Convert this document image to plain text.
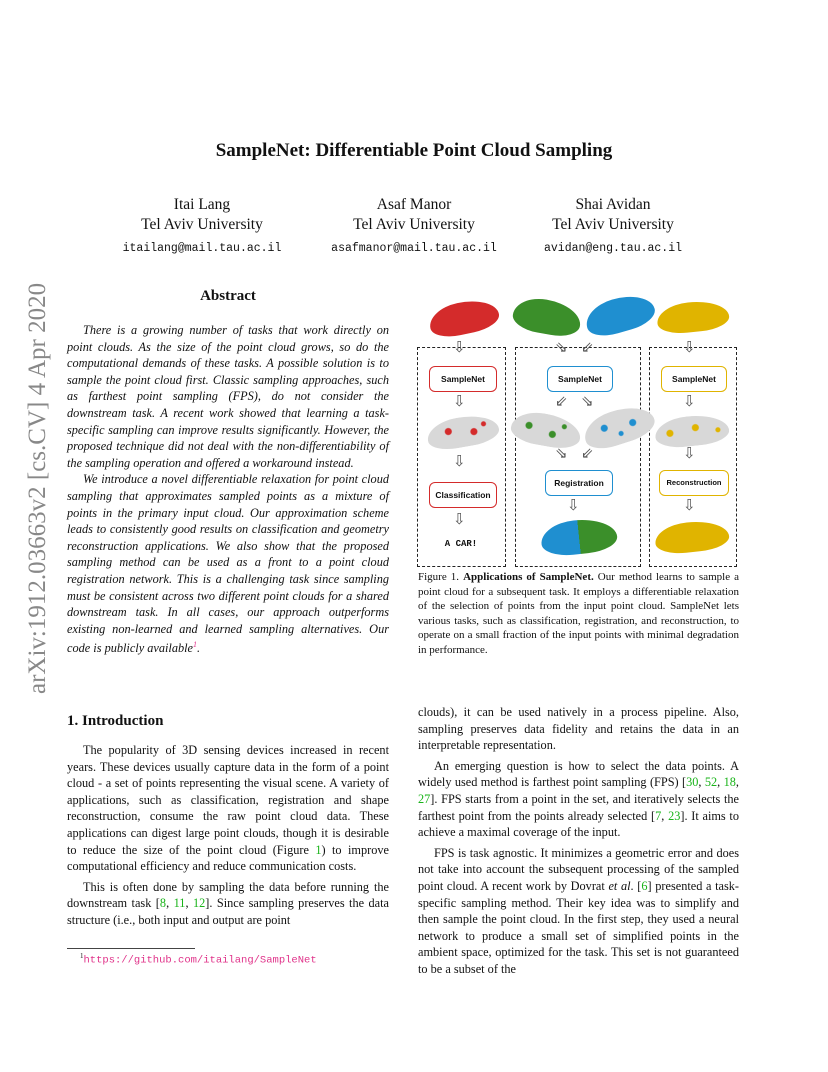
SampleNet: Differentiable Point Cloud Sampling
Itai Lang
Tel Aviv University
itailang@mail.tau.ac.il
Asaf Manor
Tel Aviv University
asafmanor@mail.tau.ac.il
Shai Avidan
Tel Aviv University
avidan@eng.tau.ac.il
arXiv:1912.03663v2 [cs.CV] 4 Apr 2020	Abstract

There is a growing number of tasks that work directly on point clouds. As the size of the point cloud grows, so do the computational demands of these tasks. A possible solution is to sample the point cloud first. Classic sampling approaches, such as farthest point sampling (FPS), do not consider the downstream task. A recent work showed that learning a task-specific sampling can improve results significantly. However, the proposed technique did not deal with the non-differentiability of the sampling operation and offered a workaround instead.

We introduce a novel differentiable relaxation for point cloud sampling that approximates sampled points as a mixture of points in the primary input cloud. Our approximation scheme leads to consistently good results on classification and geometry reconstruction applications. We also show that the proposed sampling method can be used as a front to a point cloud registration network. This is a challenging task since sampling must be consistent across two different point clouds for a shared downstream task. In all cases, our approach outperforms existing non-learned and learned sampling alternatives. Our code is publicly available$^1$.

1. Introduction

The popularity of 3D sensing devices increased in recent years. These devices usually capture data in the form of a point cloud - a set of points representing the visual scene. A variety of applications, such as classification, registration and shape reconstruction, consume the raw point cloud data. These applications can digest large point clouds, though it is desirable to reduce the size of the point cloud (Figure 1) to improve computational efficiency and reduce communication costs.

This is often done by sampling the data before running the downstream task [8, 11, 12]. Since sampling preserves the data structure (i.e., both input and output are point

$^1$https://github.com/itailang/SampleNet
⇩	⇘ ⇙	⇩
SampleNet	SampleNet	SampleNet
⇩	⇙ ⇘	⇩
⇩	⇘ ⇙	⇩
Classification
Registration	Reconstruction
⇩
⇩	⇩
A CAR!
Figure 1. Applications of SampleNet. Our method learns to sample a point cloud for a subsequent task. It employs a differentiable relaxation of the selection of points from the input point cloud. SampleNet lets various tasks, such as classification, registration, and reconstruction, to operate on a small fraction of the input points with minimal degradation in performance.

clouds), it can be used natively in a process pipeline. Also, sampling preserves data fidelity and retains the data in an interpretable representation.

An emerging question is how to select the data points. A widely used method is farthest point sampling (FPS) [30, 52, 18, 27]. FPS starts from a point in the set, and iteratively selects the farthest point from the points already selected [7, 23]. It aims to achieve a maximal coverage of the input.

FPS is task agnostic. It minimizes a geometric error and does not take into account the subsequent processing of the sampled point cloud. A recent work by Dovrat et al. [6] presented a task-specific sampling method. Their key idea was to simplify and then sample the point cloud. In the first step, they used a neural network to produce a small set of simplified points in the ambient space, optimized for the task. This set is not guaranteed to be a subset of the
